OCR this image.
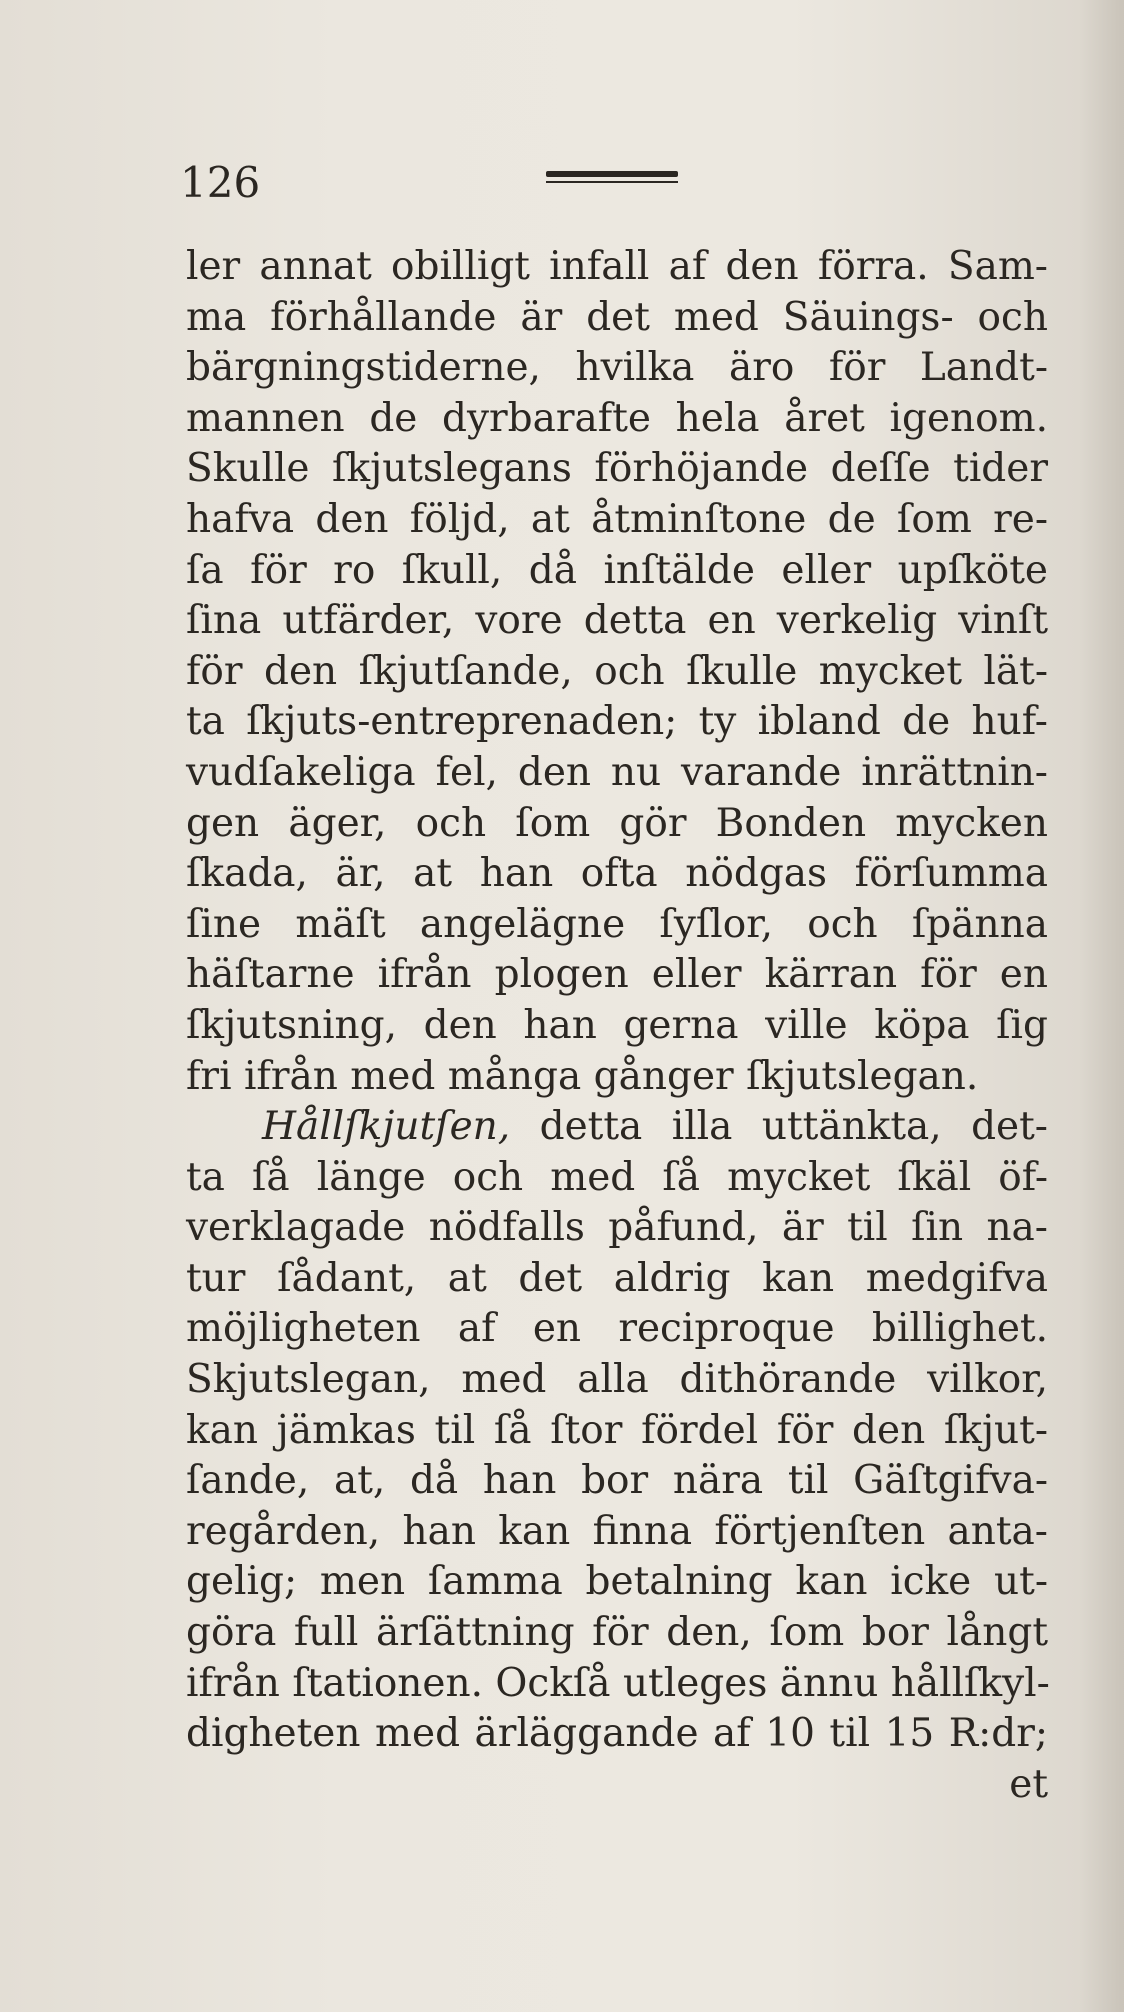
126
ler annat obilligt infall af den förra. Sam-
ma förhållande är det med Säuings- och
bärgningstiderne, hvilka äro för Landt-
mannen de dyrbarafte hela året igenom.
Skulle ſkjutslegans förhöjande deſſe tider
hafva den följd, at åtminſtone de ſom re-
ſa för ro ſkull, då inſtälde eller upſköte
ſina utfärder, vore detta en verkelig vinſt
för den ſkjutſande, och ſkulle mycket lät-
ta ſkjuts-entreprenaden; ty ibland de huf-
vudſakeliga fel, den nu varande inrättnin-
gen äger, och ſom gör Bonden mycken
ſkada, är, at han ofta nödgas förſumma
ſine mäſt angelägne ſyſlor, och ſpänna
häſtarne ifrån plogen eller kärran för en
ſkjutsning, den han gerna ville köpa ſig
fri ifrån med många gånger ſkjutslegan.
Hållſkjutſen, detta illa uttänkta, det-
ta ſå länge och med ſå mycket ſkäl öf-
verklagade nödfalls påfund, är til ſin na-
tur ſådant, at det aldrig kan medgifva
möjligheten af en reciproque billighet.
Skjutslegan, med alla dithörande vilkor,
kan jämkas til ſå ſtor fördel för den ſkjut-
ſande, at, då han bor nära til Gäſtgifva-
regården, han kan finna förtjenſten anta-
gelig; men ſamma betalning kan icke ut-
göra full ärſättning för den, ſom bor långt
ifrån ſtationen. Ockſå utleges ännu hållſkyl-
digheten med ärläggande af 10 til 15 R:dr;
et
